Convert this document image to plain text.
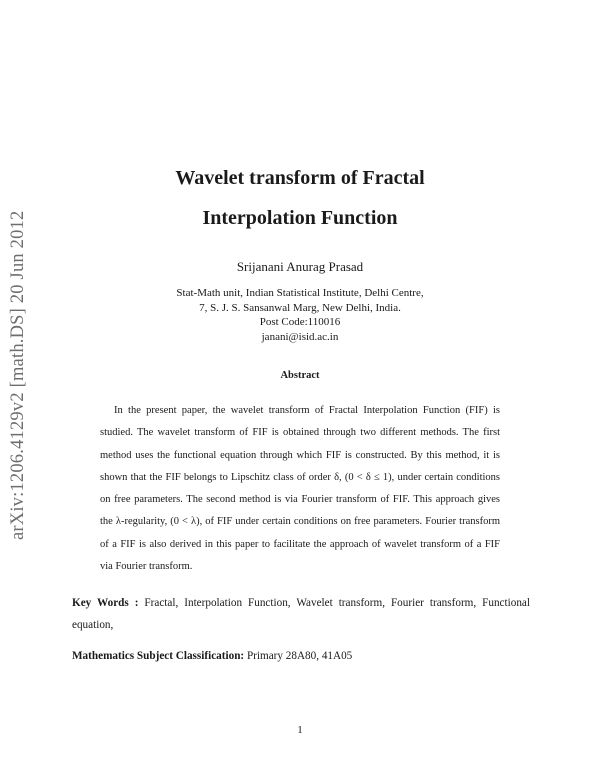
arXiv:1206.4129v2 [math.DS] 20 Jun 2012
Wavelet transform of Fractal
Interpolation Function
Srijanani Anurag Prasad
Stat-Math unit, Indian Statistical Institute, Delhi Centre,
7, S. J. S. Sansanwal Marg, New Delhi, India.
Post Code:110016
janani@isid.ac.in
Abstract
In the present paper, the wavelet transform of Fractal Interpolation Function (FIF) is studied. The wavelet transform of FIF is obtained through two different methods. The first method uses the functional equation through which FIF is constructed. By this method, it is shown that the FIF belongs to Lipschitz class of order δ, (0 < δ ≤ 1), under certain conditions on free parameters. The second method is via Fourier transform of FIF. This approach gives the λ-regularity, (0 < λ), of FIF under certain conditions on free parameters. Fourier transform of a FIF is also derived in this paper to facilitate the approach of wavelet transform of a FIF via Fourier transform.
Key Words : Fractal, Interpolation Function, Wavelet transform, Fourier transform, Functional equation,
Mathematics Subject Classification: Primary 28A80, 41A05
1
